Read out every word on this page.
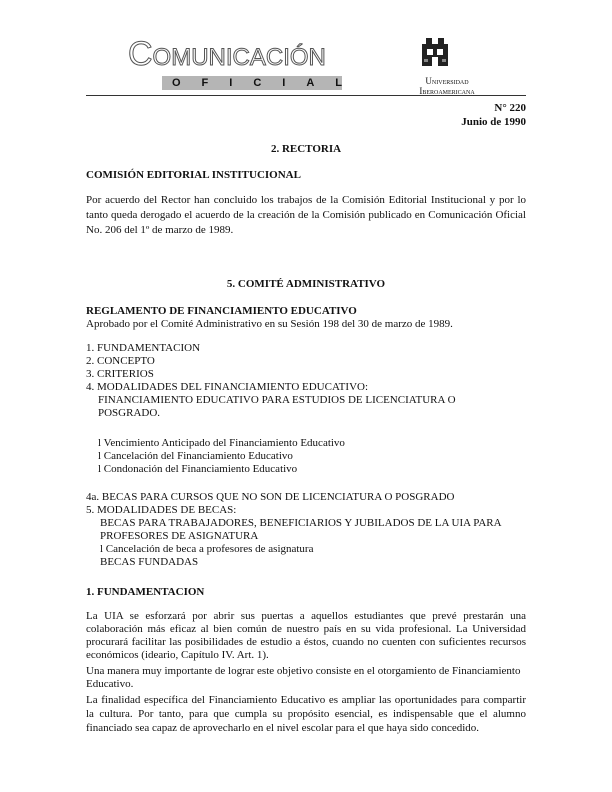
Comunicación
OFICIAL	Universidad
Iberoamericana
N° 220
Junio de 1990
2. RECTORIA
COMISIÓN EDITORIAL INSTITUCIONAL
Por acuerdo del Rector han concluido los trabajos de la Comisión Editorial Institucional y por lo tanto queda derogado el acuerdo de la creación de la Comisión publicado en Comunicación Oficial No. 206 del 1º de marzo de 1989.
5. COMITÉ ADMINISTRATIVO
REGLAMENTO DE FINANCIAMIENTO EDUCATIVO
Aprobado por el Comité Administrativo en su Sesión 198 del 30 de marzo de 1989.
1. FUNDAMENTACION
2. CONCEPTO
3. CRITERIOS
4. MODALIDADES DEL FINANCIAMIENTO EDUCATIVO:
FINANCIAMIENTO EDUCATIVO PARA ESTUDIOS DE LICENCIATURA O
POSGRADO.
l Vencimiento Anticipado del Financiamiento Educativo
l Cancelación del Financiamiento Educativo
l Condonación del Financiamiento Educativo
4a. BECAS PARA CURSOS QUE NO SON DE LICENCIATURA O POSGRADO
5. MODALIDADES DE BECAS:
BECAS PARA TRABAJADORES, BENEFICIARIOS Y JUBILADOS DE LA UIA PARA
PROFESORES DE ASIGNATURA
l Cancelación de beca a profesores de asignatura
BECAS FUNDADAS
1. FUNDAMENTACION
La UIA se esforzará por abrir sus puertas a aquellos estudiantes que prevé prestarán una colaboración más eficaz al bien común de nuestro país en su vida profesional. La Universidad procurará facilitar las posibilidades de estudio a éstos, cuando no cuenten con suficientes recursos económicos (ideario, Capítulo IV. Art. 1).
Una manera muy importante de lograr este objetivo consiste en el otorgamiento de Financiamiento Educativo.
La finalidad específica del Financiamiento Educativo es ampliar las oportunidades para compartir la cultura. Por tanto, para que cumpla su propósito esencial, es indispensable que el alumno financiado sea capaz de aprovecharlo en el nivel escolar para el que haya sido concedido.
